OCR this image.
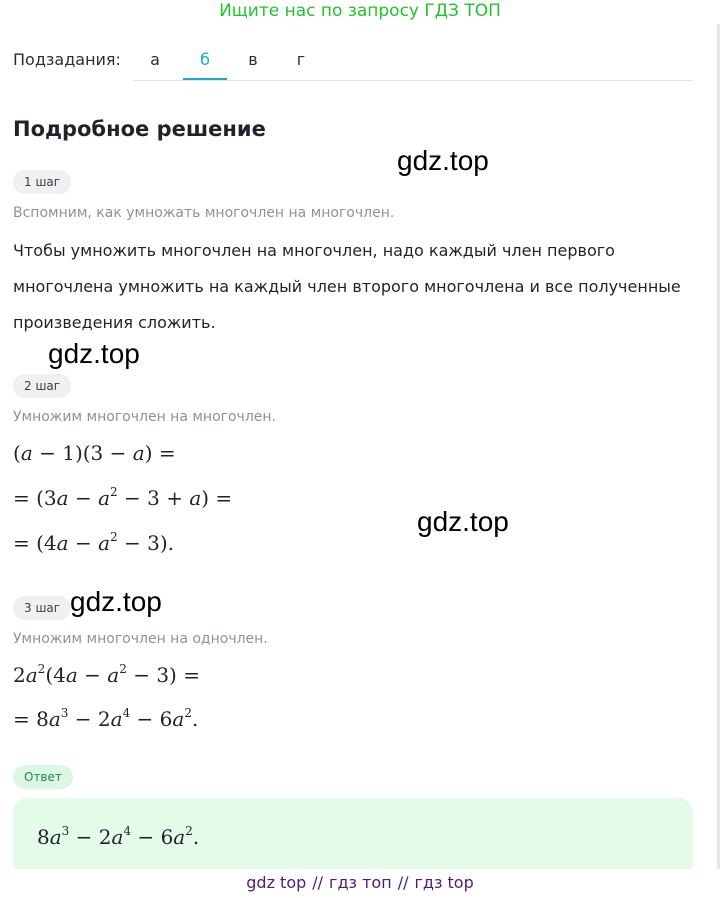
Ищите нас по запросу ГДЗ ТОП
Подзадания:	а	б	в	г
Подробное решение
1 шаг
Вспомним, как умножать многочлен на многочлен.
Чтобы умножить многочлен на многочлен, надо каждый член первого
многочлена умножить на каждый член второго многочлена и все полученные
произведения сложить.
2 шаг
Умножим многочлен на многочлен.
(a − 1)(3 − a) =
= $(3a - a^2 - 3 + a)$ =
= $(4a - a^2 - 3)$.
3 шаг
Умножим многочлен на одночлен.
$2a^2(4a - a^2 - 3)$ =
= $8a^3 - 2a^4 - 6a^2$.
Ответ
$8a^3 - 2a^4 - 6a^2$.
gdz.top
gdz.top
gdz.top
gdz.top
gdz top // гдз топ // гдз top
